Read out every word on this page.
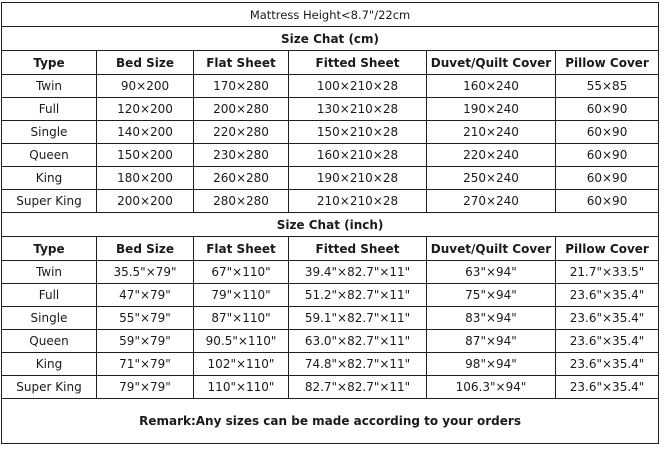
Mattress Height<8.7"/22cm					
Size Chat (cm)					
Type	Bed Size	Flat Sheet	Fitted Sheet	Duvet/Quilt Cover	Pillow Cover
Twin	90×200	170×280	100×210×28	160×240	55×85
Full	120×200	200×280	130×210×28	190×240	60×90
Single	140×200	220×280	150×210×28	210×240	60×90
Queen	150×200	230×280	160×210×28	220×240	60×90
King	180×200	260×280	190×210×28	250×240	60×90
Super King	200×200	280×280	210×210×28	270×240	60×90
Size Chat (inch)					
Type	Bed Size	Flat Sheet	Fitted Sheet	Duvet/Quilt Cover	Pillow Cover
Twin	35.5"×79"	67"×110"	39.4"×82.7"×11"	63"×94"	21.7"×33.5"
Full	47"×79"	79"×110"	51.2"×82.7"×11"	75"×94"	23.6"×35.4"
Single	55"×79"	87"×110"	59.1"×82.7"×11"	83"×94"	23.6"×35.4"
Queen	59"×79"	90.5"×110"	63.0"×82.7"×11"	87"×94"	23.6"×35.4"
King	71"×79"	102"×110"	74.8"×82.7"×11"	98"×94"	23.6"×35.4"
Super King	79"×79"	110"×110"	82.7"×82.7"×11"	106.3"×94"	23.6"×35.4"
Remark:Any sizes can be made according to your orders					
